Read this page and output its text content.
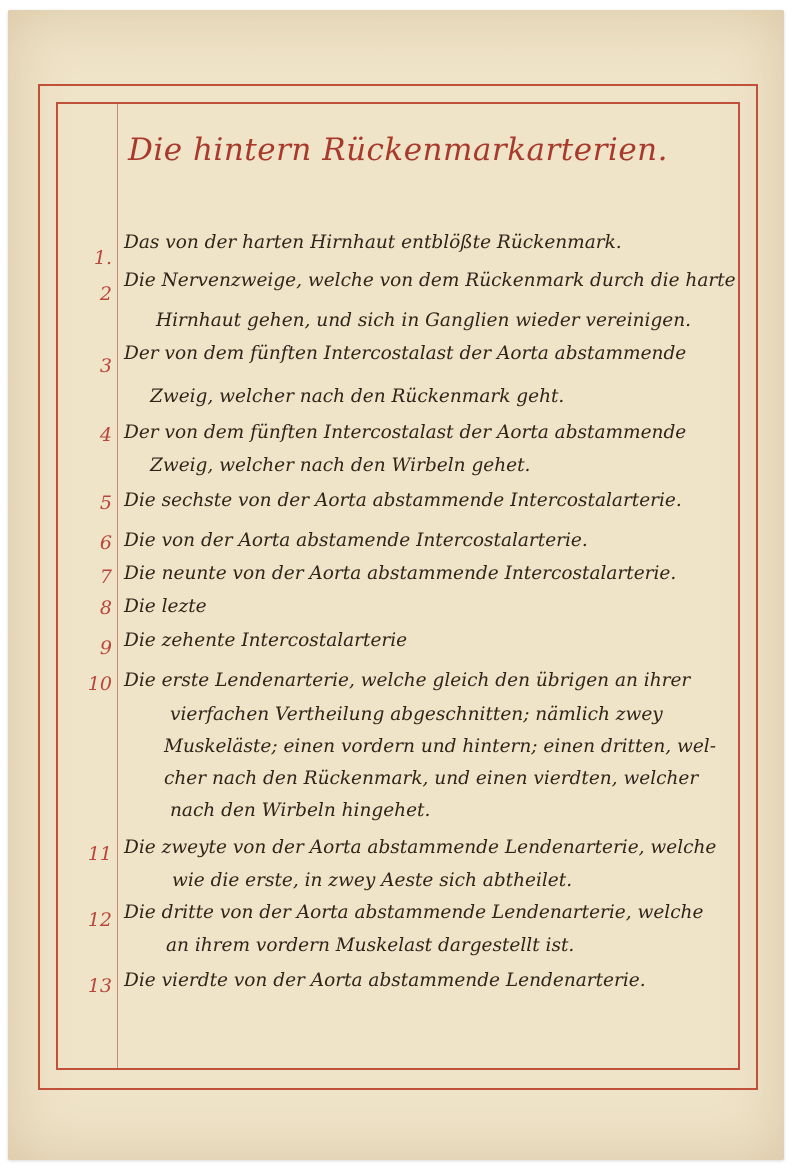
Die hintern Rückenmarkarterien.
1.
Das von der harten Hirnhaut entblößte Rückenmark.
2
Die Nervenzweige, welche von dem Rückenmark durch die harte
Hirnhaut gehen, und sich in Ganglien wieder vereinigen.
3
Der von dem fünften Intercostalast der Aorta abstammende
Zweig, welcher nach den Rückenmark geht.
4 Der von dem fünften Intercostalast der Aorta abstammende
Zweig, welcher nach den Wirbeln gehet.
5 Die sechste von der Aorta abstammende Intercostalarterie.
6 Die von der Aorta abstamende Intercostalarterie.
7 Die neunte von der Aorta abstammende Intercostalarterie.
8 Die lezte
9 Die zehente Intercostalarterie
10 Die erste Lendenarterie, welche gleich den übrigen an ihrer
vierfachen Vertheilung abgeschnitten; nämlich zwey
Muskeläste; einen vordern und hintern; einen dritten, wel-
cher nach den Rückenmark, und einen vierdten, welcher
nach den Wirbeln hingehet.
11 Die zweyte von der Aorta abstammende Lendenarterie, welche
wie die erste, in zwey Aeste sich abtheilet.
12 Die dritte von der Aorta abstammende Lendenarterie, welche
an ihrem vordern Muskelast dargestellt ist.
13 Die vierdte von der Aorta abstammende Lendenarterie.
